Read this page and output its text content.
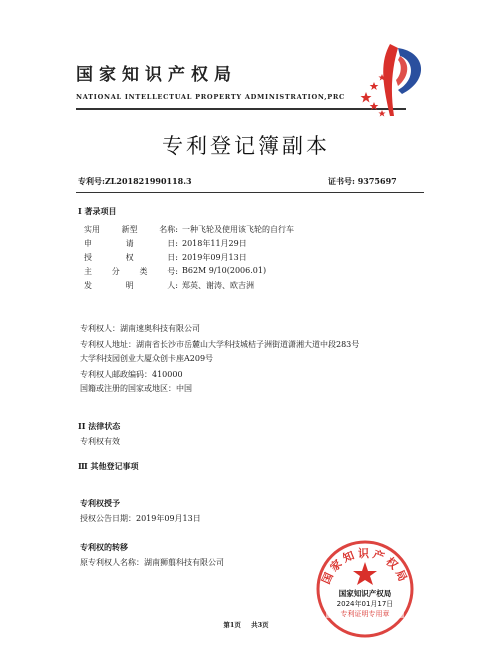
国家知识产权局
NATIONAL INTELLECTUAL PROPERTY ADMINISTRATION,PRC
专利登记簿副本
专利号:ZL201821990118.3	证书号: 9375697
I 著录项目
实用	新型	名称: 一种飞轮及使用该飞轮的自行车
申	请	日: 2018年11月29日
授	权	日: 2019年09月13日
主 分 类 号: B62M 9/10(2006.01)
发	明	人: 郑英、谢涛、欧吉洲
专利权人：湖南速奥科技有限公司
专利权人地址：湖南省长沙市岳麓山大学科技城桔子洲街道潇湘大道中段283号
大学科技园创业大厦众创卡座A209号
专利权人邮政编码：410000
国籍或注册的国家或地区：中国
II 法律状态
专利权有效
Ⅲ 其他登记事项
专利权授予
授权公告日期：2019年09月13日
专利权的转移
原专利权人名称：湖南狮翦科技有限公司
国家知识产权局
国家知识产权局
2024年01月17日
专利证明专用章
第1页 共3页
